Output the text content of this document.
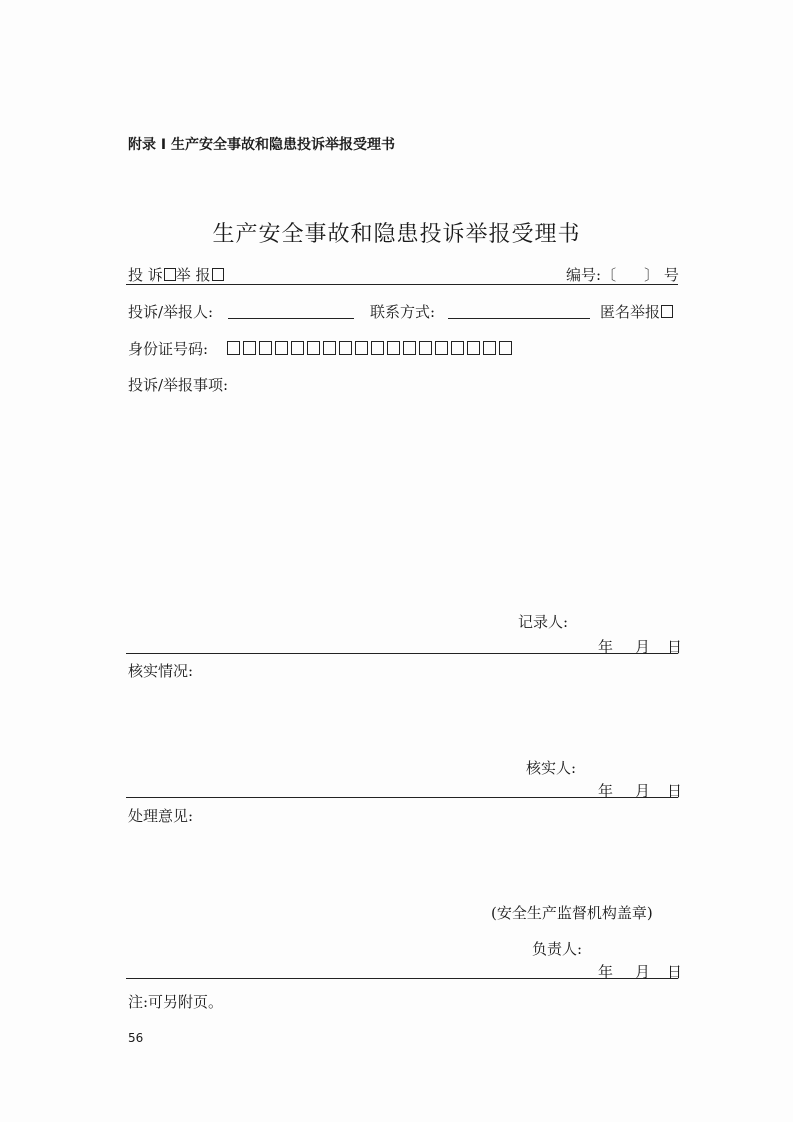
附录 I 生产安全事故和隐患投诉举报受理书
生产安全事故和隐患投诉举报受理书
投 诉 举 报	编号:〔 〕 号
投诉/举报人:	联系方式:	匿名举报
身份证号码:
投诉/举报事项:
记录人:
年 月 日
核实情况:
核实人:
年 月 日
处理意见:
(安全生产监督机构盖章)
负责人:
年 月 日
注:可另附页。
56
